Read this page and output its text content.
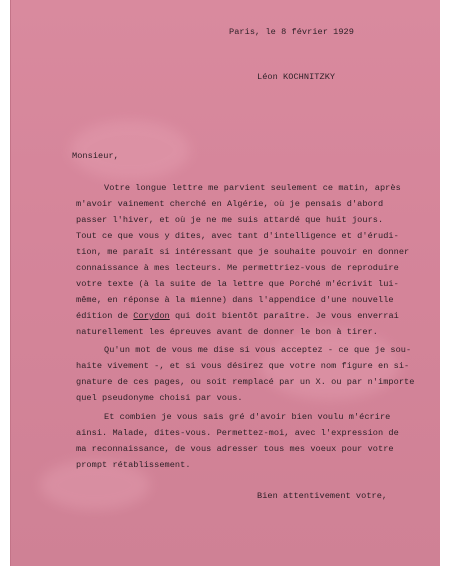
Paris, le 8 février 1929

Léon KOCHNITZKY

Monsieur,

Votre longue lettre me parvient seulement ce matin, après

m'avoir vainement cherché en Algérie, où je pensais d'abord

passer l'hiver, et où je ne me suis attardé que huit jours.

Tout ce que vous y dites, avec tant d'intelligence et d'érudi-

tion, me paraît si intéressant que je souhaite pouvoir en donner

connaissance à mes lecteurs. Me permettriez-vous de reproduire

votre texte (à la suite de la lettre que Porché m'écrivit lui-

même, en réponse à la mienne) dans l'appendice d'une nouvelle

édition de Corydon qui doit bientôt paraître. Je vous enverrai

naturellement les épreuves avant de donner le bon à tirer.

Qu'un mot de vous me dise si vous acceptez - ce que je sou-

haite vivement -, et si vous désirez que votre nom figure en si-

gnature de ces pages, ou soit remplacé par un X. ou par n'importe

quel pseudonyme choisi par vous.

Et combien je vous sais gré d'avoir bien voulu m'écrire

ainsi. Malade, dites-vous. Permettez-moi, avec l'expression de

ma reconnaissance, de vous adresser tous mes voeux pour votre

prompt rétablissement.

Bien attentivement votre,
